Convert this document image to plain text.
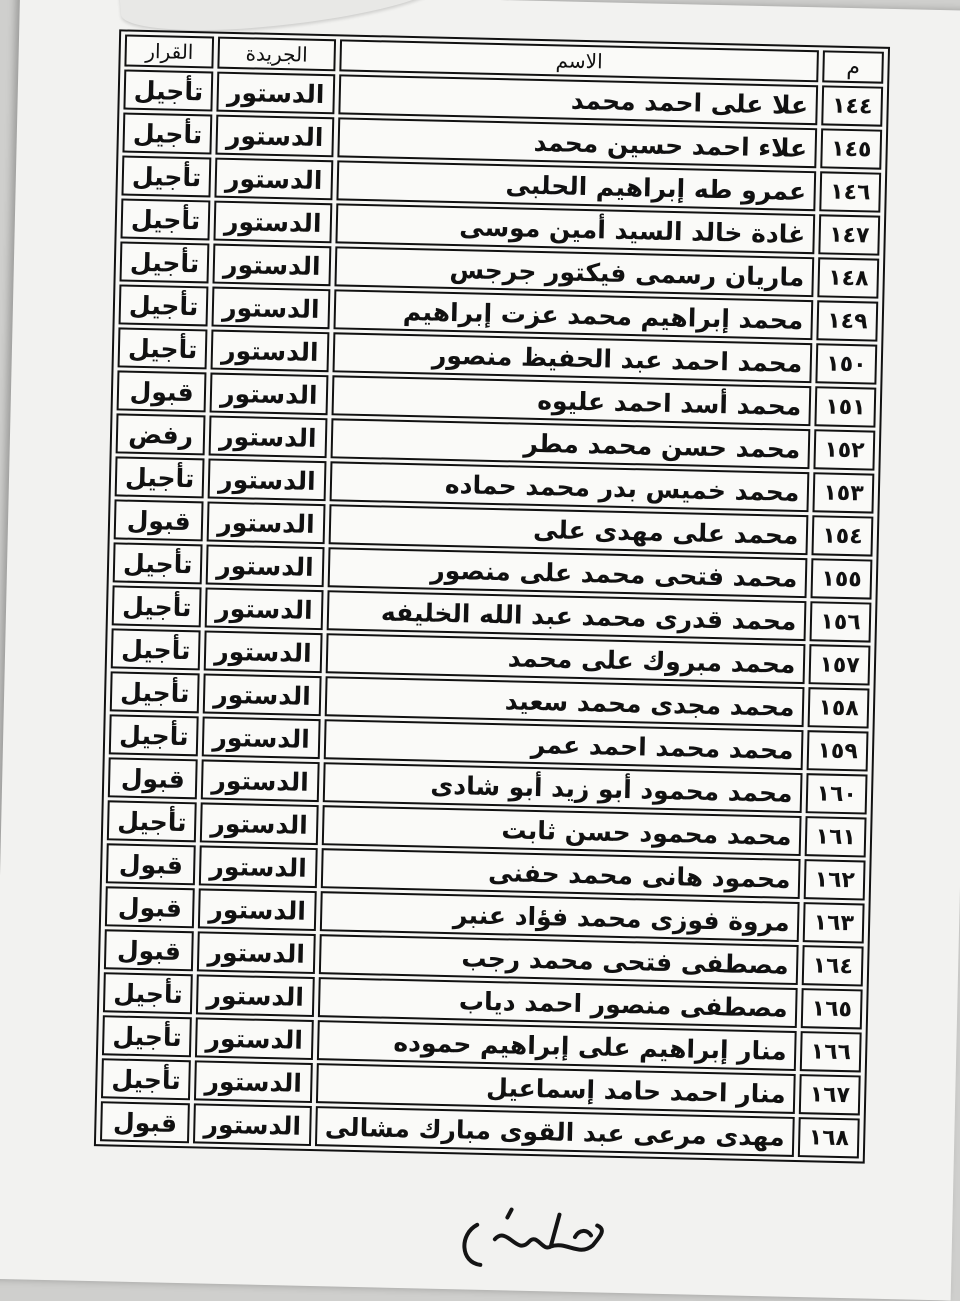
م	الاسم	الجريدة	القرار
١٤٤	علا على احمد محمد	الدستور	تأجيل
١٤٥	علاء احمد حسين محمد	الدستور	تأجيل
١٤٦	عمرو طه إبراهيم الحلبى	الدستور	تأجيل
١٤٧	غادة خالد السيد أمين موسى	الدستور	تأجيل
١٤٨	ماريان رسمى فيكتور جرجس	الدستور	تأجيل
١٤٩	محمد إبراهيم محمد عزت إبراهيم	الدستور	تأجيل
١٥٠	محمد احمد عبد الحفيظ منصور	الدستور	تأجيل
١٥١	محمد أسد احمد عليوه	الدستور	قبول
١٥٢	محمد حسن محمد مطر	الدستور	رفض
١٥٣	محمد خميس بدر محمد حماده	الدستور	تأجيل
١٥٤	محمد على مهدى على	الدستور	قبول
١٥٥	محمد فتحى محمد على منصور	الدستور	تأجيل
١٥٦	محمد قدرى محمد عبد الله الخليفه	الدستور	تأجيل
١٥٧	محمد مبروك على محمد	الدستور	تأجيل
١٥٨	محمد مجدى محمد سعيد	الدستور	تأجيل
١٥٩	محمد محمد احمد عمر	الدستور	تأجيل
١٦٠	محمد محمود أبو زيد أبو شادى	الدستور	قبول
١٦١	محمد محمود حسن ثابت	الدستور	تأجيل
١٦٢	محمود هانى محمد حفنى	الدستور	قبول
١٦٣	مروة فوزى محمد فؤاد عنبر	الدستور	قبول
١٦٤	مصطفى فتحى محمد رجب	الدستور	قبول
١٦٥	مصطفى منصور احمد دياب	الدستور	تأجيل
١٦٦	منار إبراهيم على إبراهيم حموده	الدستور	تأجيل
١٦٧	منار احمد حامد إسماعيل	الدستور	تأجيل
١٦٨	مهدى مرعى عبد القوى مبارك مشالى	الدستور	قبول
